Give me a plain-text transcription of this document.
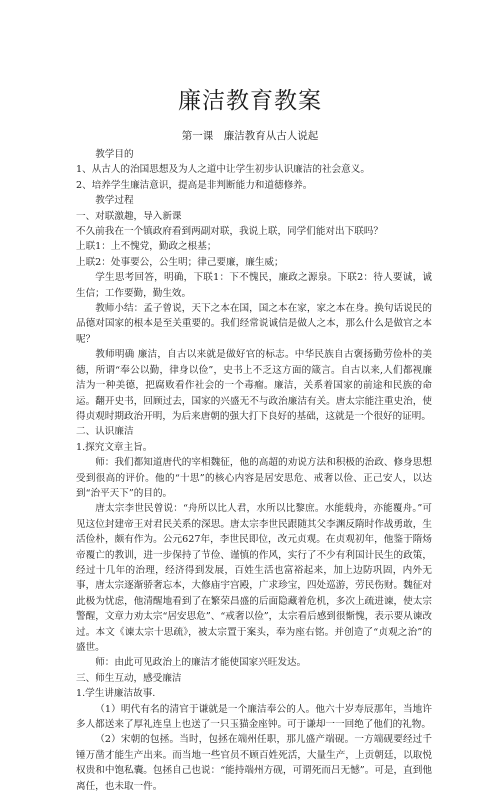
廉洁教育教案
第一课　廉洁教育从古人说起

教学目的

1、从古人的治国思想及为人之道中让学生初步认识廉洁的社会意义。

2、培养学生廉洁意识，提高是非判断能力和道德修养。

教学过程

一、对联激趣，导入新课

不久前我在一个镇政府看到两副对联，我说上联，同学们能对出下联吗？

上联1：上不愧党，勤政之根基；

上联2：处事要公，公生明；律己要廉，廉生威；

学生思考回答，明确，下联1：下不愧民，廉政之源泉。下联2：待人要诚，诚生信；工作要勤，勤生效。

教师小结：孟子曾说，天下之本在国，国之本在家，家之本在身。换句话说民的品德对国家的根本是至关重要的。我们经常说诚信是做人之本，那么什么是做官之本呢？

教师明确 廉洁，自古以来就是做好官的标志。中华民族自古褒扬勤劳俭朴的美德，所谓“奉公以勤，律身以俭”，史书上不乏这方面的箴言。自古以来,人们都视廉洁为一种美德，把腐败看作社会的一个毒瘤。廉洁，关系着国家的前途和民族的命运。翻开史书，回顾过去，国家的兴盛无不与政治廉洁有关。唐太宗能注重史治，使得贞观时期政治开明，为后来唐朝的强大打下良好的基础，这就是一个很好的证明。

二、认识廉洁

1.探究文章主旨。

师：我们都知道唐代的宰相魏征，他的高超的劝说方法和积极的治政、修身思想受到很高的评价。他的“十思”的核心内容是居安思危、戒奢以俭、正己安人，以达到“治平天下”的目的。

唐太宗李世民曾说：“舟所以比人君，水所以比黎庶。水能载舟，亦能覆舟。”可见这位封建帝王对君民关系的深思。唐太宗李世民跟随其父李渊反隋时作战勇敢，生活俭朴，颇有作为。公元627年，李世民即位，改元贞观。在贞观初年，他鉴于隋炀帝覆亡的教训，进一步保持了节俭、谨慎的作风，实行了不少有利国计民生的政策，经过十几年的治理，经济得到发展，百姓生活也富裕起来，加上边防巩固，内外无事，唐太宗逐渐骄奢忘本，大修庙宇宫殿，广求珍宝，四处巡游，劳民伤财。魏征对此极为忧虑，他清醒地看到了在繁荣昌盛的后面隐藏着危机，多次上疏进谏，使太宗警醒，文章力劝太宗“居安思危”、“戒奢以俭”，太宗看后感到很惭愧，表示要从谏改过。本文《谏太宗十思疏》，被太宗置于案头，奉为座右铭。并创造了“贞观之治”的盛世。

师：由此可见政治上的廉洁才能使国家兴旺发达。

三、师生互动，感受廉洁

1.学生讲廉洁故事.

（1）明代有名的清官于谦就是一个廉洁奉公的人。他六十岁寿辰那年，当地许多人都送来了厚礼连皇上也送了一只玉猫金座钟。可于谦却一一回绝了他们的礼物。

（2）宋朝的包拯。当时，包拯在端州任职，那儿盛产端砚。一方端砚要经过千锤万凿才能生产出来。而当地一些官员不顾百姓死活，大量生产，上贡朝廷，以取悦权贵和中饱私囊。包拯自己也说：“能持端州方砚，可谓死而吕无憾”。可是，直到他离任，也未取一件。
